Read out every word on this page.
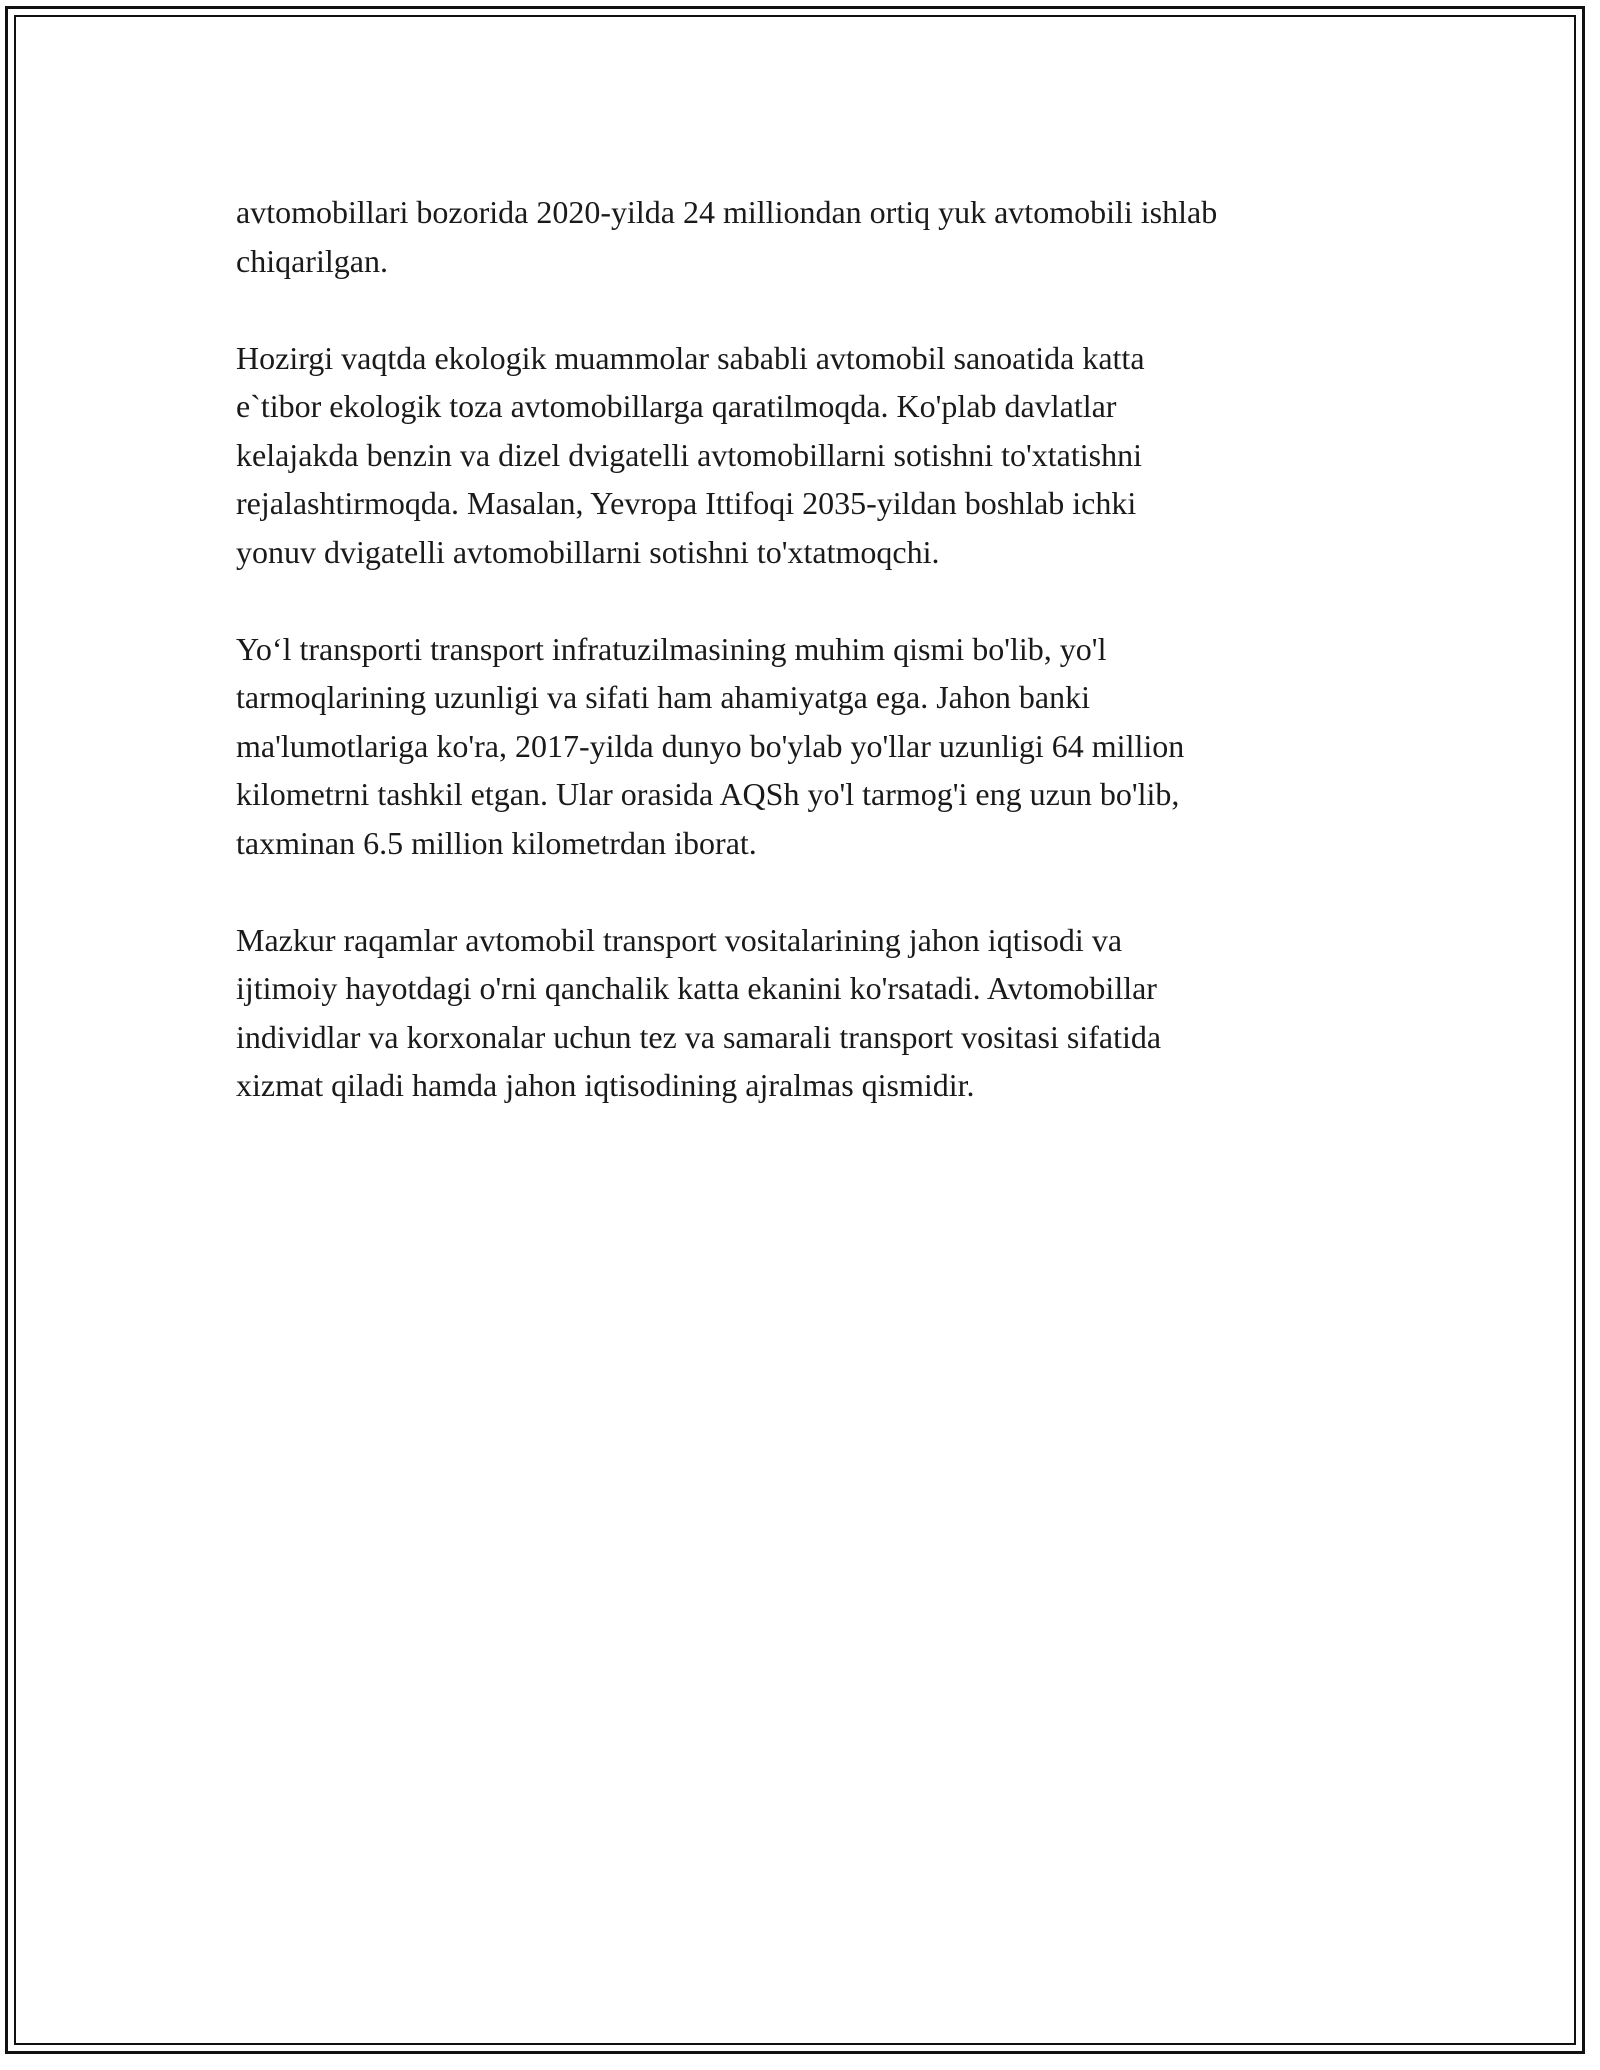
avtomobillari bozorida 2020-yilda 24 milliondan ortiq yuk avtomobili ishlab
chiqarilgan.

Hozirgi vaqtda ekologik muammolar sababli avtomobil sanoatida katta
e`tibor ekologik toza avtomobillarga qaratilmoqda. Ko'plab davlatlar
kelajakda benzin va dizel dvigatelli avtomobillarni sotishni to'xtatishni
rejalashtirmoqda. Masalan, Yevropa Ittifoqi 2035-yildan boshlab ichki
yonuv dvigatelli avtomobillarni sotishni to'xtatmoqchi.

Yo‘l transporti transport infratuzilmasining muhim qismi bo'lib, yo'l
tarmoqlarining uzunligi va sifati ham ahamiyatga ega. Jahon banki
ma'lumotlariga ko'ra, 2017-yilda dunyo bo'ylab yo'llar uzunligi 64 million
kilometrni tashkil etgan. Ular orasida AQSh yo'l tarmog'i eng uzun bo'lib,
taxminan 6.5 million kilometrdan iborat.

Mazkur raqamlar avtomobil transport vositalarining jahon iqtisodi va
ijtimoiy hayotdagi o'rni qanchalik katta ekanini ko'rsatadi. Avtomobillar
individlar va korxonalar uchun tez va samarali transport vositasi sifatida
xizmat qiladi hamda jahon iqtisodining ajralmas qismidir.
